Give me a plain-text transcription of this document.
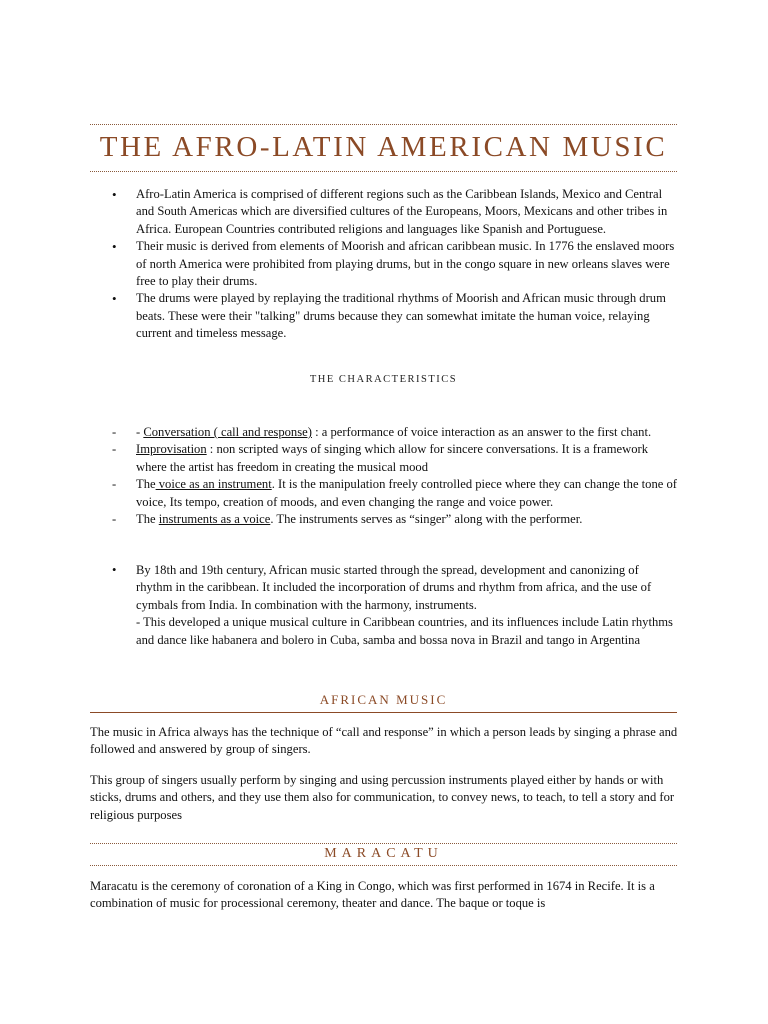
THE AFRO-LATIN AMERICAN MUSIC
• Afro-Latin America is comprised of different regions such as the Caribbean Islands, Mexico and Central and South Americas which are diversified cultures of the Europeans, Moors, Mexicans and other tribes in Africa. European Countries contributed religions and languages like Spanish and Portuguese.
• Their music is derived from elements of Moorish and african caribbean music. In 1776 the enslaved moors of north America were prohibited from playing drums, but in the congo square in new orleans slaves were free to play their drums.
• The drums were played by replaying the traditional rhythms of Moorish and African music through drum beats. These were their "talking" drums because they can somewhat imitate the human voice, relaying current and timeless message.
THE CHARACTERISTICS
- - Conversation ( call and response) : a performance of voice interaction as an answer to the first chant.
- Improvisation : non scripted ways of singing which allow for sincere conversations. It is a framework where the artist has freedom in creating the musical mood
- The voice as an instrument. It is the manipulation freely controlled piece where they can change the tone of voice, Its tempo, creation of moods, and even changing the range and voice power.
- The instruments as a voice. The instruments serves as “singer” along with the performer.
• By 18th and 19th century, African music started through the spread, development and canonizing of rhythm in the caribbean. It included the incorporation of drums and rhythm from africa, and the use of cymbals from India. In combination with the harmony, instruments.
- This developed a unique musical culture in Caribbean countries, and its influences include Latin rhythms and dance like habanera and bolero in Cuba, samba and bossa nova in Brazil and tango in Argentina
AFRICAN MUSIC

The music in Africa always has the technique of “call and response” in which a person leads by singing a phrase and followed and answered by group of singers.

This group of singers usually perform by singing and using percussion instruments played either by hands or with sticks, drums and others, and they use them also for communication, to convey news, to teach, to tell a story and for religious purposes

MARACATU

Maracatu is the ceremony of coronation of a King in Congo, which was first performed in 1674 in Recife. It is a combination of music for processional ceremony, theater and dance. The baque or toque is
